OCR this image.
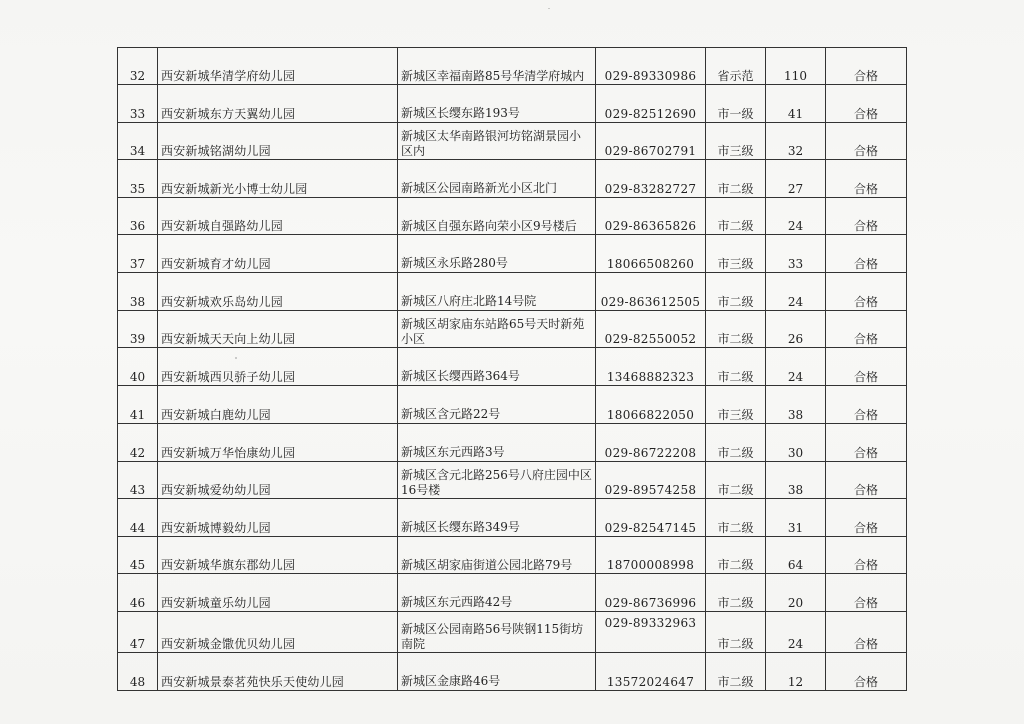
32	西安新城华清学府幼儿园	新城区幸福南路85号华清学府城内	029-89330986	省示范	110	合格
33	西安新城东方天翼幼儿园	新城区长缨东路193号	029-82512690	市一级	41	合格
34	西安新城铭湖幼儿园	新城区太华南路银河坊铭湖景园小区内	029-86702791	市三级	32	合格
35	西安新城新光小博士幼儿园	新城区公园南路新光小区北门	029-83282727	市二级	27	合格
36	西安新城自强路幼儿园	新城区自强东路向荣小区9号楼后	029-86365826	市二级	24	合格
37	西安新城育才幼儿园	新城区永乐路280号	18066508260	市三级	33	合格
38	西安新城欢乐岛幼儿园	新城区八府庄北路14号院	029-863612505	市二级	24	合格
39	西安新城天天向上幼儿园	新城区胡家庙东站路65号天时新苑小区	029-82550052	市二级	26	合格
40	西安新城西贝骄子幼儿园	新城区长缨西路364号	13468882323	市二级	24	合格
41	西安新城白鹿幼儿园	新城区含元路22号	18066822050	市三级	38	合格
42	西安新城万华怡康幼儿园	新城区东元西路3号	029-86722208	市二级	30	合格
43	西安新城爱幼幼儿园	新城区含元北路256号八府庄园中区16号楼	029-89574258	市二级	38	合格
44	西安新城博毅幼儿园	新城区长缨东路349号	029-82547145	市二级	31	合格
45	西安新城华旗东郡幼儿园	新城区胡家庙街道公园北路79号	18700008998	市二级	64	合格
46	西安新城童乐幼儿园	新城区东元西路42号	029-86736996	市二级	20	合格
47	西安新城金馓优贝幼儿园	新城区公园南路56号陕钢115街坊南院	029-89332963	市二级	24	合格
48	西安新城景泰茗苑快乐天使幼儿园	新城区金康路46号	13572024647	市二级	12	合格
